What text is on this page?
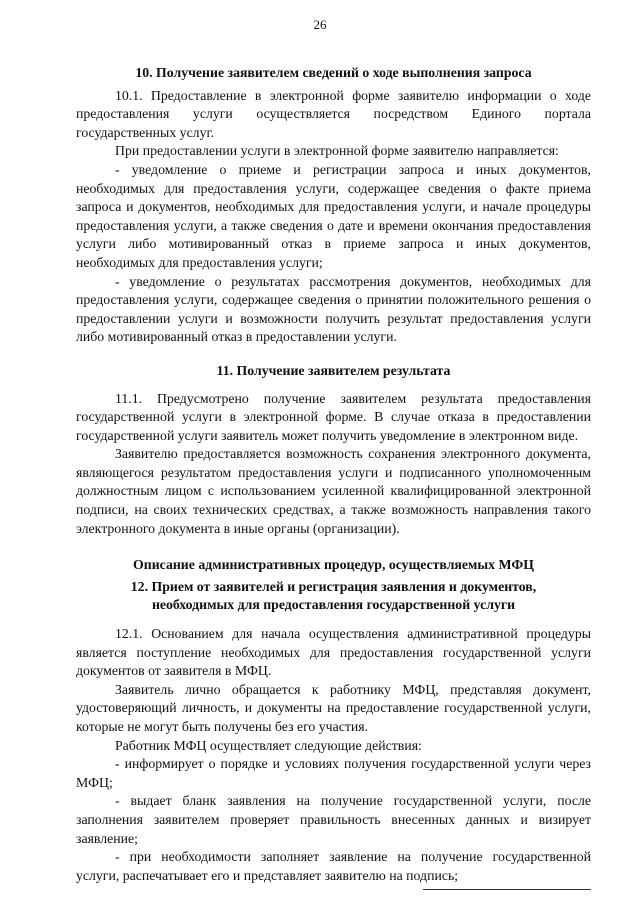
26
10. Получение заявителем сведений о ходе выполнения запроса

10.1. Предоставление в электронной форме заявителю информации о ходе предоставления услуги осуществляется посредством Единого портала государственных услуг.

При предоставлении услуги в электронной форме заявителю направляется:

- уведомление о приеме и регистрации запроса и иных документов, необходимых для предоставления услуги, содержащее сведения о факте приема запроса и документов, необходимых для предоставления услуги, и начале процедуры предоставления услуги, а также сведения о дате и времени окончания предоставления услуги либо мотивированный отказ в приеме запроса и иных документов, необходимых для предоставления услуги;

- уведомление о результатах рассмотрения документов, необходимых для предоставления услуги, содержащее сведения о принятии положительного решения о предоставлении услуги и возможности получить результат предоставления услуги либо мотивированный отказ в предоставлении услуги.

11. Получение заявителем результата

11.1. Предусмотрено получение заявителем результата предоставления государственной услуги в электронной форме. В случае отказа в предоставлении государственной услуги заявитель может получить уведомление в электронном виде.

Заявителю предоставляется возможность сохранения электронного документа, являющегося результатом предоставления услуги и подписанного уполномоченным должностным лицом с использованием усиленной квалифицированной электронной подписи, на своих технических средствах, а также возможность направления такого электронного документа в иные органы (организации).

Описание административных процедур, осуществляемых МФЦ
12. Прием от заявителей и регистрация заявления и документов,
необходимых для предоставления государственной услуги

12.1. Основанием для начала осуществления административной процедуры является поступление необходимых для предоставления государственной услуги документов от заявителя в МФЦ.

Заявитель лично обращается к работнику МФЦ, представляя документ, удостоверяющий личность, и документы на предоставление государственной услуги, которые не могут быть получены без его участия.

Работник МФЦ осуществляет следующие действия:

- информирует о порядке и условиях получения государственной услуги через МФЦ;

- выдает бланк заявления на получение государственной услуги, после заполнения заявителем проверяет правильность внесенных данных и визирует заявление;

- при необходимости заполняет заявление на получение государственной услуги, распечатывает его и представляет заявителю на подпись;
